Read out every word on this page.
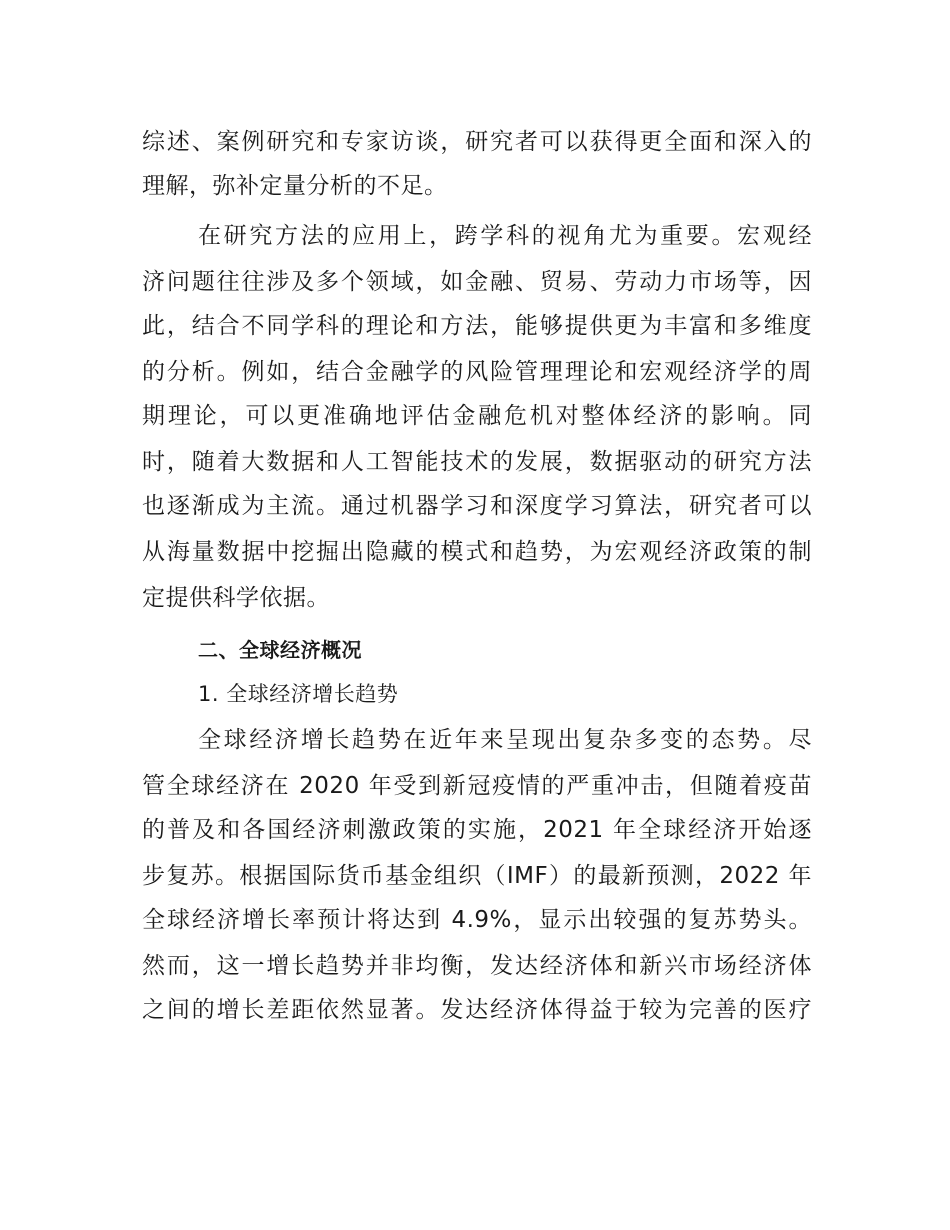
综述、案例研究和专家访谈，研究者可以获得更全面和深入的
理解，弥补定量分析的不足。
在研究方法的应用上，跨学科的视角尤为重要。宏观经
济问题往往涉及多个领域，如金融、贸易、劳动力市场等，因
此，结合不同学科的理论和方法，能够提供更为丰富和多维度
的分析。例如，结合金融学的风险管理理论和宏观经济学的周
期理论，可以更准确地评估金融危机对整体经济的影响。同
时，随着大数据和人工智能技术的发展，数据驱动的研究方法
也逐渐成为主流。通过机器学习和深度学习算法，研究者可以
从海量数据中挖掘出隐藏的模式和趋势，为宏观经济政策的制
定提供科学依据。
二、全球经济概况
1. 全球经济增长趋势
全球经济增长趋势在近年来呈现出复杂多变的态势。尽
管全球经济在 2020 年受到新冠疫情的严重冲击，但随着疫苗
的普及和各国经济刺激政策的实施，2021 年全球经济开始逐
步复苏。根据国际货币基金组织（IMF）的最新预测，2022 年
全球经济增长率预计将达到 4.9%，显示出较强的复苏势头。
然而，这一增长趋势并非均衡，发达经济体和新兴市场经济体
之间的增长差距依然显著。发达经济体得益于较为完善的医疗
